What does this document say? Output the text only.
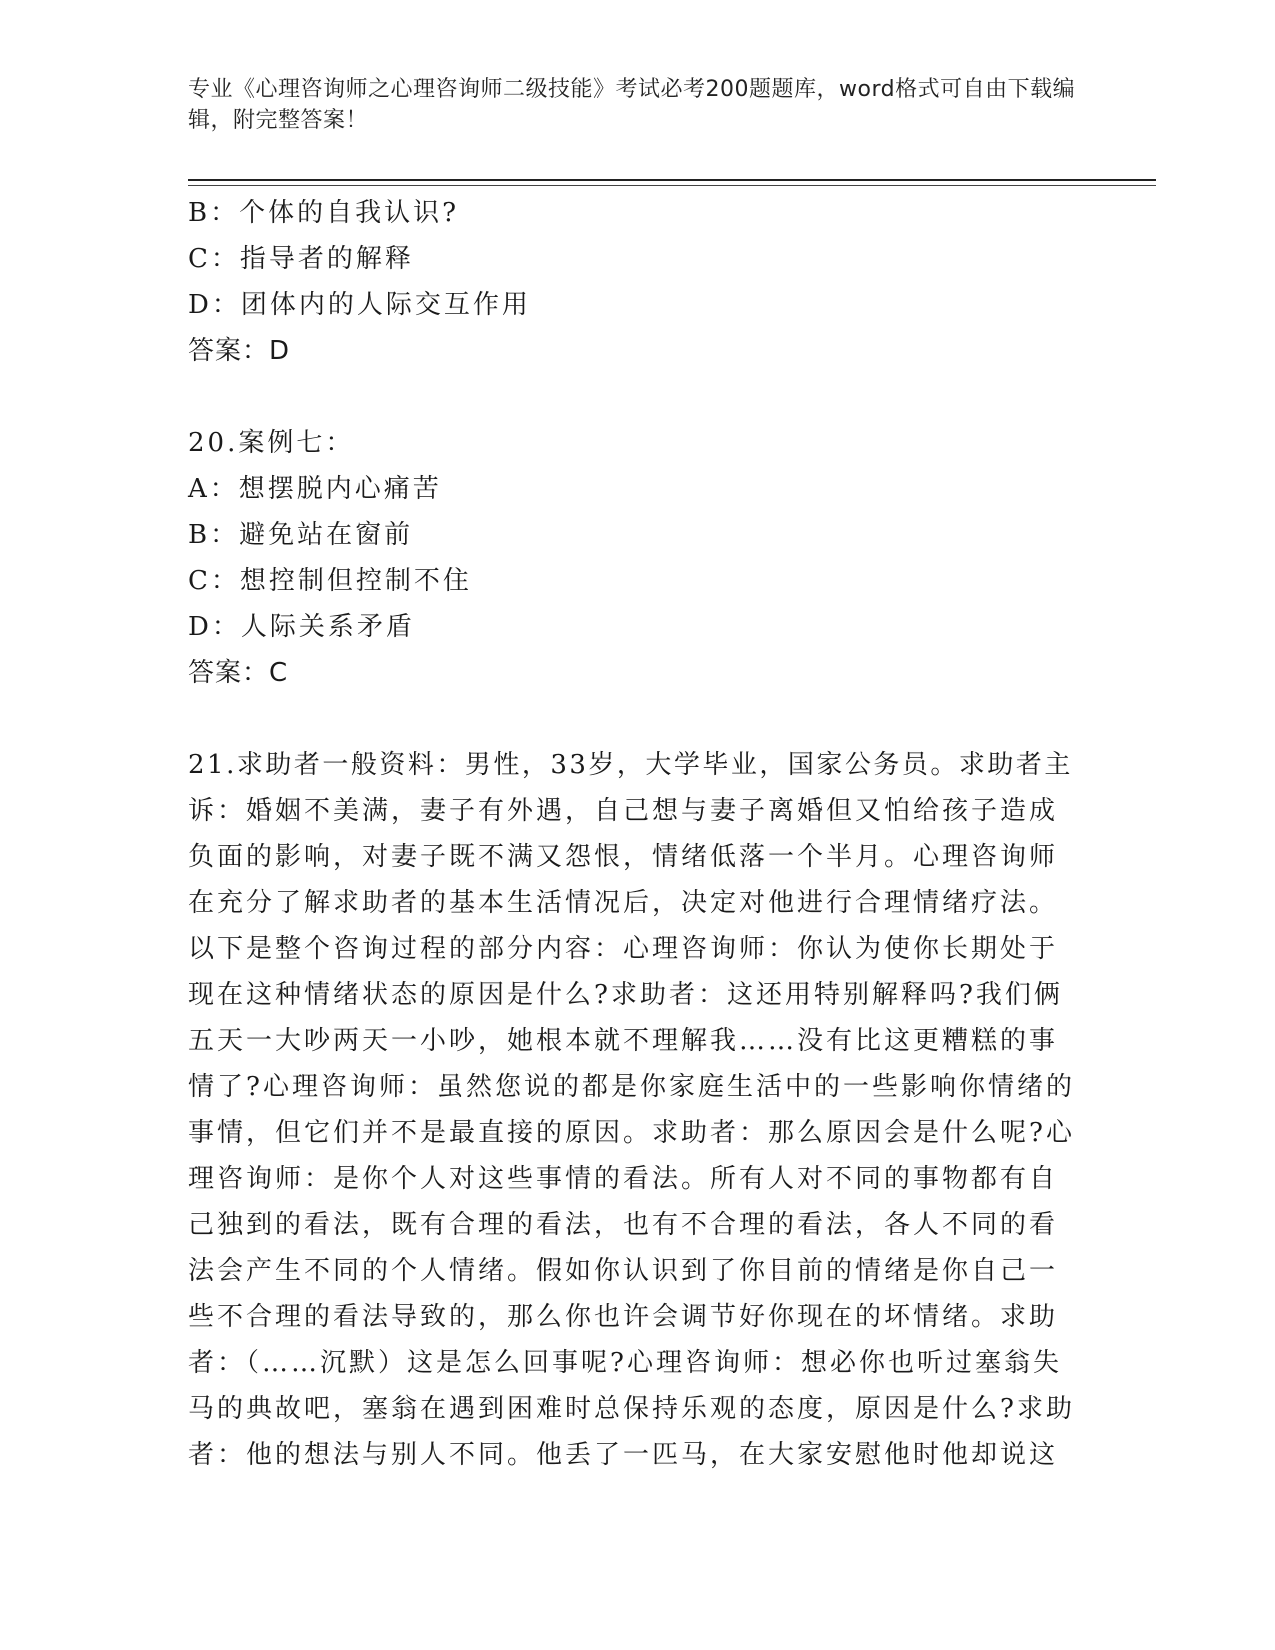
专业《心理咨询师之心理咨询师二级技能》考试必考200题题库，word格式可自由下载编辑，附完整答案！

B：个体的自我认识?

C：指导者的解释

D：团体内的人际交互作用

答案：D

20.案例七：

A：想摆脱内心痛苦

B：避免站在窗前

C：想控制但控制不住

D：人际关系矛盾

答案：C

21.求助者一般资料：男性，33岁，大学毕业，国家公务员。求助者主

诉：婚姻不美满，妻子有外遇，自己想与妻子离婚但又怕给孩子造成

负面的影响，对妻子既不满又怨恨，情绪低落一个半月。心理咨询师

在充分了解求助者的基本生活情况后，决定对他进行合理情绪疗法。

以下是整个咨询过程的部分内容：心理咨询师：你认为使你长期处于

现在这种情绪状态的原因是什么?求助者：这还用特别解释吗?我们俩

五天一大吵两天一小吵，她根本就不理解我……没有比这更糟糕的事

情了?心理咨询师：虽然您说的都是你家庭生活中的一些影响你情绪的

事情，但它们并不是最直接的原因。求助者：那么原因会是什么呢?心

理咨询师：是你个人对这些事情的看法。所有人对不同的事物都有自

己独到的看法，既有合理的看法，也有不合理的看法，各人不同的看

法会产生不同的个人情绪。假如你认识到了你目前的情绪是你自己一

些不合理的看法导致的，那么你也许会调节好你现在的坏情绪。求助

者：（……沉默）这是怎么回事呢?心理咨询师：想必你也听过塞翁失

马的典故吧，塞翁在遇到困难时总保持乐观的态度，原因是什么?求助

者：他的想法与别人不同。他丢了一匹马，在大家安慰他时他却说这
